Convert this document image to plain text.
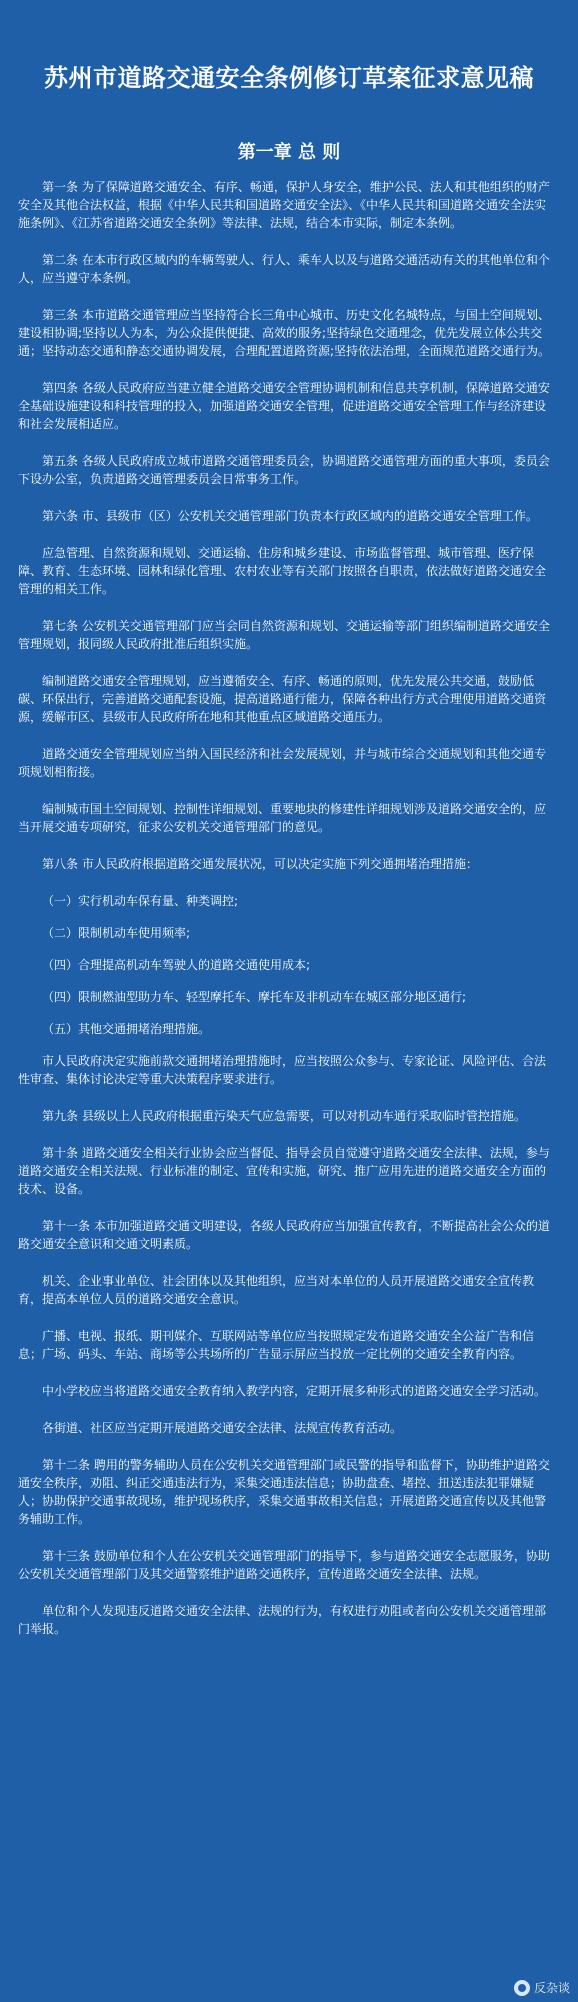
苏州市道路交通安全条例修订草案征求意见稿
第一章 总 则

第一条 为了保障道路交通安全、有序、畅通，保护人身安全，维护公民、法人和其他组织的财产安全及其他合法权益，根据《中华人民共和国道路交通安全法》、《中华人民共和国道路交通安全法实施条例》、《江苏省道路交通安全条例》等法律、法规，结合本市实际，制定本条例。

第二条 在本市行政区域内的车辆驾驶人、行人、乘车人以及与道路交通活动有关的其他单位和个人，应当遵守本条例。

第三条 本市道路交通管理应当坚持符合长三角中心城市、历史文化名城特点，与国土空间规划、建设相协调;坚持以人为本，为公众提供便捷、高效的服务;坚持绿色交通理念，优先发展立体公共交通；坚持动态交通和静态交通协调发展，合理配置道路资源;坚持依法治理，全面规范道路交通行为。

第四条 各级人民政府应当建立健全道路交通安全管理协调机制和信息共享机制，保障道路交通安全基础设施建设和科技管理的投入，加强道路交通安全管理，促进道路交通安全管理工作与经济建设和社会发展相适应。

第五条 各级人民政府成立城市道路交通管理委员会，协调道路交通管理方面的重大事项，委员会下设办公室，负责道路交通管理委员会日常事务工作。

第六条 市、县级市（区）公安机关交通管理部门负责本行政区域内的道路交通安全管理工作。

应急管理、自然资源和规划、交通运输、住房和城乡建设、市场监督管理、城市管理、医疗保障、教育、生态环境、园林和绿化管理、农村农业等有关部门按照各自职责，依法做好道路交通安全管理的相关工作。

第七条 公安机关交通管理部门应当会同自然资源和规划、交通运输等部门组织编制道路交通安全管理规划，报同级人民政府批准后组织实施。

编制道路交通安全管理规划，应当遵循安全、有序、畅通的原则，优先发展公共交通，鼓励低碳、环保出行，完善道路交通配套设施，提高道路通行能力，保障各种出行方式合理使用道路交通资源，缓解市区、县级市人民政府所在地和其他重点区域道路交通压力。

道路交通安全管理规划应当纳入国民经济和社会发展规划，并与城市综合交通规划和其他交通专项规划相衔接。

编制城市国土空间规划、控制性详细规划、重要地块的修建性详细规划涉及道路交通安全的，应当开展交通专项研究，征求公安机关交通管理部门的意见。

第八条 市人民政府根据道路交通发展状况，可以决定实施下列交通拥堵治理措施：

（一）实行机动车保有量、种类调控;

（二）限制机动车使用频率;

（四）合理提高机动车驾驶人的道路交通使用成本;

（四）限制燃油型助力车、轻型摩托车、摩托车及非机动车在城区部分地区通行;

（五）其他交通拥堵治理措施。

市人民政府决定实施前款交通拥堵治理措施时，应当按照公众参与、专家论证、风险评估、合法性审查、集体讨论决定等重大决策程序要求进行。

第九条 县级以上人民政府根据重污染天气应急需要，可以对机动车通行采取临时管控措施。

第十条 道路交通安全相关行业协会应当督促、指导会员自觉遵守道路交通安全法律、法规，参与道路交通安全相关法规、行业标准的制定、宣传和实施，研究、推广应用先进的道路交通安全方面的技术、设备。

第十一条 本市加强道路交通文明建设，各级人民政府应当加强宣传教育，不断提高社会公众的道路交通安全意识和交通文明素质。

机关、企业事业单位、社会团体以及其他组织，应当对本单位的人员开展道路交通安全宣传教育，提高本单位人员的道路交通安全意识。

广播、电视、报纸、期刊媒介、互联网站等单位应当按照规定发布道路交通安全公益广告和信息；广场、码头、车站、商场等公共场所的广告显示屏应当投放一定比例的交通安全教育内容。

中小学校应当将道路交通安全教育纳入教学内容，定期开展多种形式的道路交通安全学习活动。

各街道、社区应当定期开展道路交通安全法律、法规宣传教育活动。

第十二条 聘用的警务辅助人员在公安机关交通管理部门或民警的指导和监督下，协助维护道路交通安全秩序，劝阻、纠正交通违法行为，采集交通违法信息；协助盘查、堵控、扭送违法犯罪嫌疑人；协助保护交通事故现场，维护现场秩序，采集交通事故相关信息；开展道路交通宣传以及其他警务辅助工作。

第十三条 鼓励单位和个人在公安机关交通管理部门的指导下，参与道路交通安全志愿服务，协助公安机关交通管理部门及其交通警察维护道路交通秩序，宣传道路交通安全法律、法规。

单位和个人发现违反道路交通安全法律、法规的行为，有权进行劝阻或者向公安机关交通管理部门举报。

反杂谈
